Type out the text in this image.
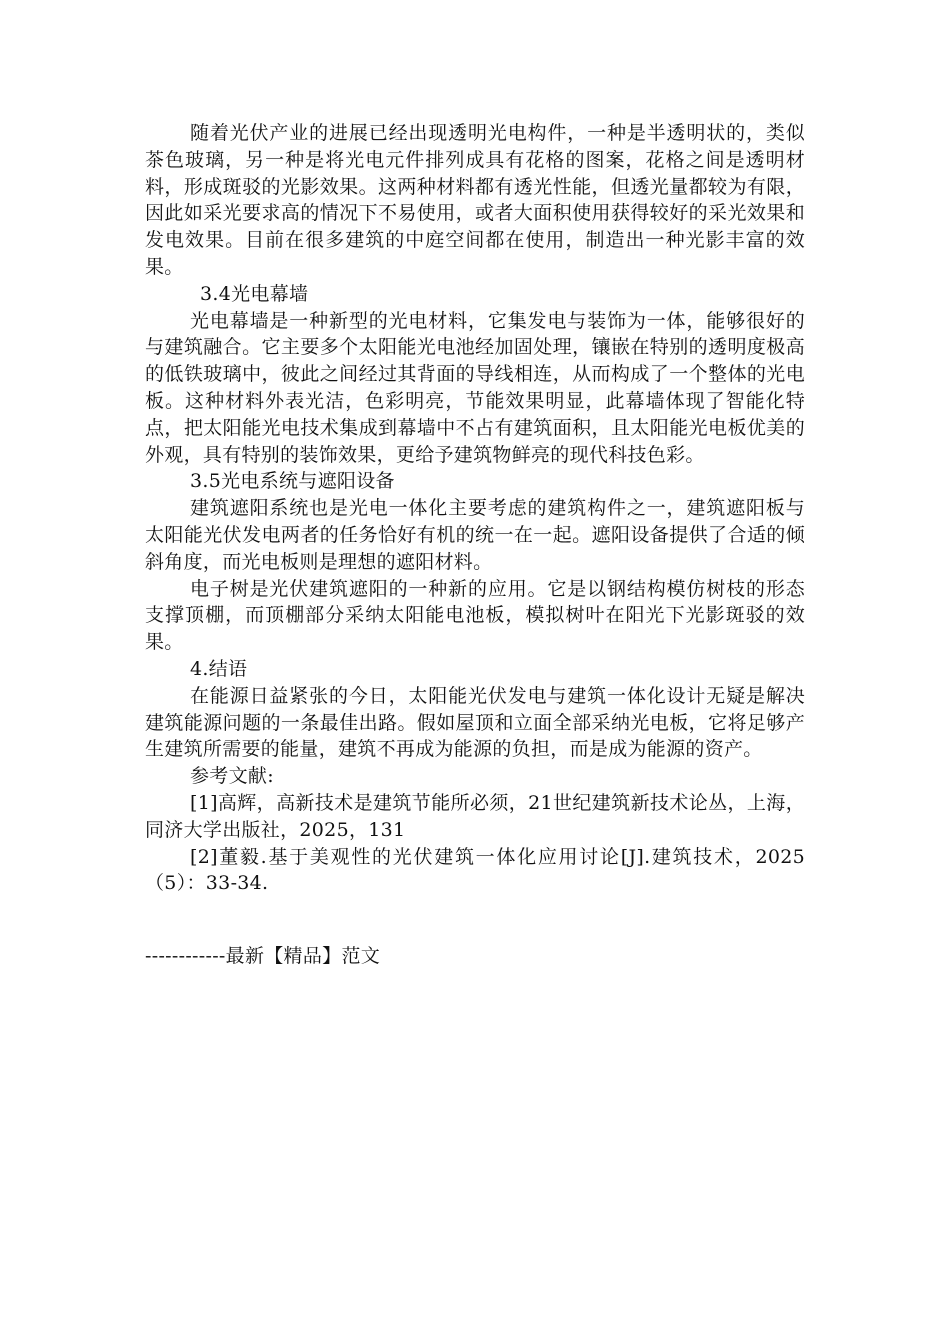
随着光伏产业的进展已经出现透明光电构件，一种是半透明状的，类似茶色玻璃，另一种是将光电元件排列成具有花格的图案，花格之间是透明材料，形成斑驳的光影效果。这两种材料都有透光性能，但透光量都较为有限，因此如采光要求高的情况下不易使用，或者大面积使用获得较好的采光效果和发电效果。目前在很多建筑的中庭空间都在使用，制造出一种光影丰富的效果。

3.4光电幕墙

光电幕墙是一种新型的光电材料，它集发电与装饰为一体，能够很好的与建筑融合。它主要多个太阳能光电池经加固处理，镶嵌在特别的透明度极高的低铁玻璃中，彼此之间经过其背面的导线相连，从而构成了一个整体的光电板。这种材料外表光洁，色彩明亮，节能效果明显，此幕墙体现了智能化特点，把太阳能光电技术集成到幕墙中不占有建筑面积，且太阳能光电板优美的外观，具有特别的装饰效果，更给予建筑物鲜亮的现代科技色彩。

3.5光电系统与遮阳设备

建筑遮阳系统也是光电一体化主要考虑的建筑构件之一，建筑遮阳板与太阳能光伏发电两者的任务恰好有机的统一在一起。遮阳设备提供了合适的倾斜角度，而光电板则是理想的遮阳材料。

电子树是光伏建筑遮阳的一种新的应用。它是以钢结构模仿树枝的形态支撑顶棚，而顶棚部分采纳太阳能电池板，模拟树叶在阳光下光影斑驳的效果。

4.结语

在能源日益紧张的今日，太阳能光伏发电与建筑一体化设计无疑是解决建筑能源问题的一条最佳出路。假如屋顶和立面全部采纳光电板，它将足够产生建筑所需要的能量，建筑不再成为能源的负担，而是成为能源的资产。

参考文献:

[1]高辉，高新技术是建筑节能所必须，21世纪建筑新技术论丛，上海，同济大学出版社，2025，131

[2]董毅.基于美观性的光伏建筑一体化应用讨论[J].建筑技术，2025（5）：33-34.

------------最新【精品】范文
